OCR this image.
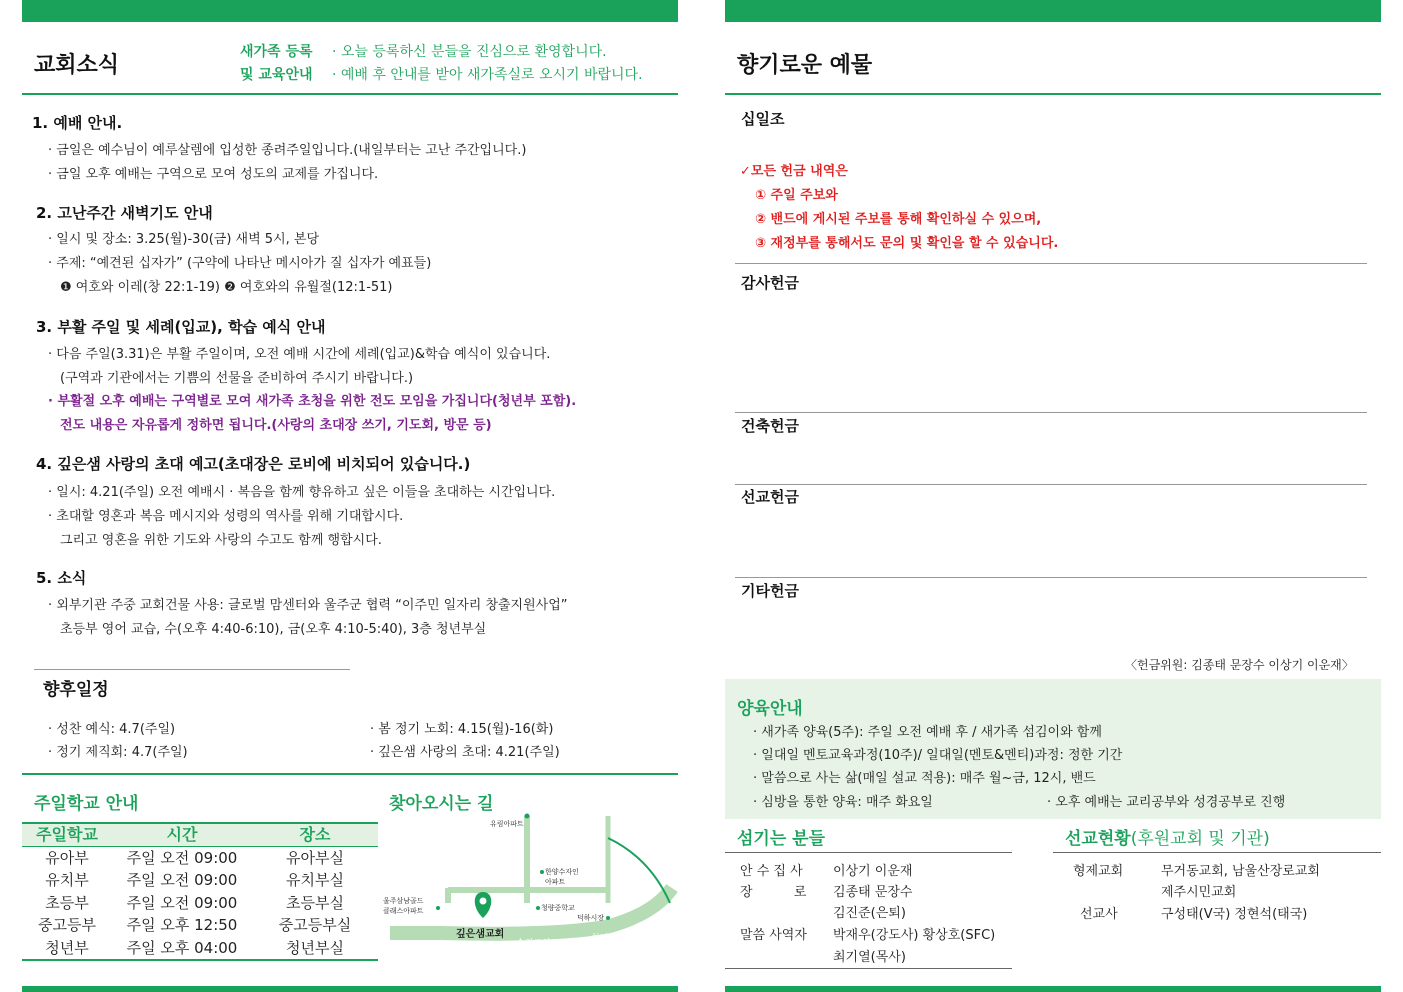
교회소식
새가족 등록
및 교육안내
· 오늘 등록하신 분들을 진심으로 환영합니다.
· 예배 후 안내를 받아 새가족실로 오시기 바랍니다.
1. 예배 안내.
· 금일은 예수님이 예루살렘에 입성한 종려주일입니다.(내일부터는 고난 주간입니다.)
· 금일 오후 예배는 구역으로 모여 성도의 교제를 가집니다.
2. 고난주간 새벽기도 안내
· 일시 및 장소: 3.25(월)-30(금) 새벽 5시, 본당
· 주제: “예견된 십자가” (구약에 나타난 메시아가 질 십자가 예표들)
❶ 여호와 이레(창 22:1-19) ❷ 여호와의 유월절(12:1-51)
3. 부활 주일 및 세례(입교), 학습 예식 안내
· 다음 주일(3.31)은 부활 주일이며, 오전 예배 시간에 세례(입교)&학습 예식이 있습니다.
(구역과 기관에서는 기쁨의 선물을 준비하여 주시기 바랍니다.)
· 부활절 오후 예배는 구역별로 모여 새가족 초청을 위한 전도 모임을 가집니다(청년부 포함).
전도 내용은 자유롭게 정하면 됩니다.(사랑의 초대장 쓰기, 기도회, 방문 등)
4. 깊은샘 사랑의 초대 예고(초대장은 로비에 비치되어 있습니다.)
· 일시: 4.21(주일) 오전 예배시 · 복음을 함께 향유하고 싶은 이들을 초대하는 시간입니다.
· 초대할 영혼과 복음 메시지와 성령의 역사를 위해 기대합시다.
그리고 영혼을 위한 기도와 사랑의 수고도 함께 행합시다.
5. 소식
· 외부기관 주중 교회건물 사용: 글로벌 맘센터와 울주군 협력 “이주민 일자리 창출지원사업”
초등부 영어 교습, 수(오후 4:40-6:10), 금(오후 4:10-5:40), 3층 청년부실
향후일정
· 성찬 예식: 4.7(주일)
· 정기 제직회: 4.7(주일)
· 봄 정기 노회: 4.15(월)-16(화)
· 깊은샘 사랑의 초대: 4.21(주일)
주일학교 안내
주일학교	시간	장소
유아부	주일 오전 09:00	유아부실
유치부	주일 오전 09:00	유치부실
초등부	주일 오전 09:00	초등부실
중고등부	주일 오후 12:50	중고등부실
청년부	주일 오후 04:00	청년부실
찾아오시는 길
유림아파트
한양수자인
아파트
울주삼남골드
클래스아파트	청량중학교
덕하시장
깊은샘교회
송정교차로	청년삼거리
향기로운 예물
십일조
✓모든 헌금 내역은
① 주일 주보와
② 밴드에 게시된 주보를 통해 확인하실 수 있으며,
③ 재정부를 통해서도 문의 및 확인을 할 수 있습니다.
감사헌금
건축헌금
선교헌금
기타헌금
〈헌금위원: 김종태 문장수 이상기 이운재〉
양육안내
· 새가족 양육(5주): 주일 오전 예배 후 / 새가족 섬김이와 함께
· 일대일 멘토교육과정(10주)/ 일대일(멘토&멘티)과정: 정한 기간
· 말씀으로 사는 삶(매일 설교 적용): 매주 월~금, 12시, 밴드
· 심방을 통한 양육: 매주 화요일	· 오후 예배는 교리공부와 성경공부로 진행
섬기는 분들
안 수 집 사 이상기 이운재
장          로 김종태 문장수
김진준(은퇴)
말씀 사역자 박재우(강도사) 황상호(SFC)
최기열(목사)
선교현황(후원교회 및 기관)
형제교회	무거동교회, 남울산장로교회
제주시민교회
선교사	구성태(V국) 정현석(태국)
